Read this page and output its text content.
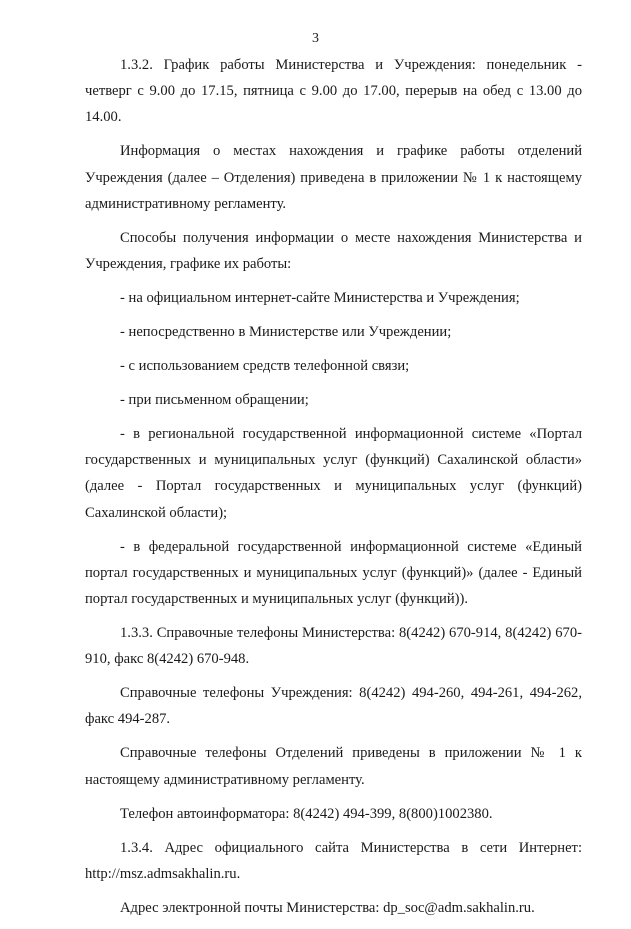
3

1.3.2. График работы Министерства и Учреждения: понедельник - четверг с 9.00 до 17.15, пятница с 9.00 до 17.00, перерыв на обед с 13.00 до 14.00.

Информация о местах нахождения и графике работы отделений Учреждения (далее – Отделения) приведена в приложении № 1 к настоящему административному регламенту.

Способы получения информации о месте нахождения Министерства и Учреждения, графике их работы:

- на официальном интернет-сайте Министерства и Учреждения;

- непосредственно в Министерстве или Учреждении;

- с использованием средств телефонной связи;

- при письменном обращении;

- в региональной государственной информационной системе «Портал государственных и муниципальных услуг (функций) Сахалинской области» (далее - Портал государственных и муниципальных услуг (функций) Сахалинской области);

- в федеральной государственной информационной системе «Единый портал государственных и муниципальных услуг (функций)» (далее - Единый портал государственных и муниципальных услуг (функций)).

1.3.3. Справочные телефоны Министерства: 8(4242) 670-914, 8(4242) 670-910, факс 8(4242) 670-948.

Справочные телефоны Учреждения: 8(4242) 494-260, 494-261, 494-262, факс 494-287.

Справочные телефоны Отделений приведены в приложении № 1 к настоящему административному регламенту.

Телефон автоинформатора: 8(4242) 494-399, 8(800)1002380.

1.3.4. Адрес официального сайта Министерства в сети Интернет: http://msz.admsakhalin.ru.

Адрес электронной почты Министерства: dp_soc@adm.sakhalin.ru.
